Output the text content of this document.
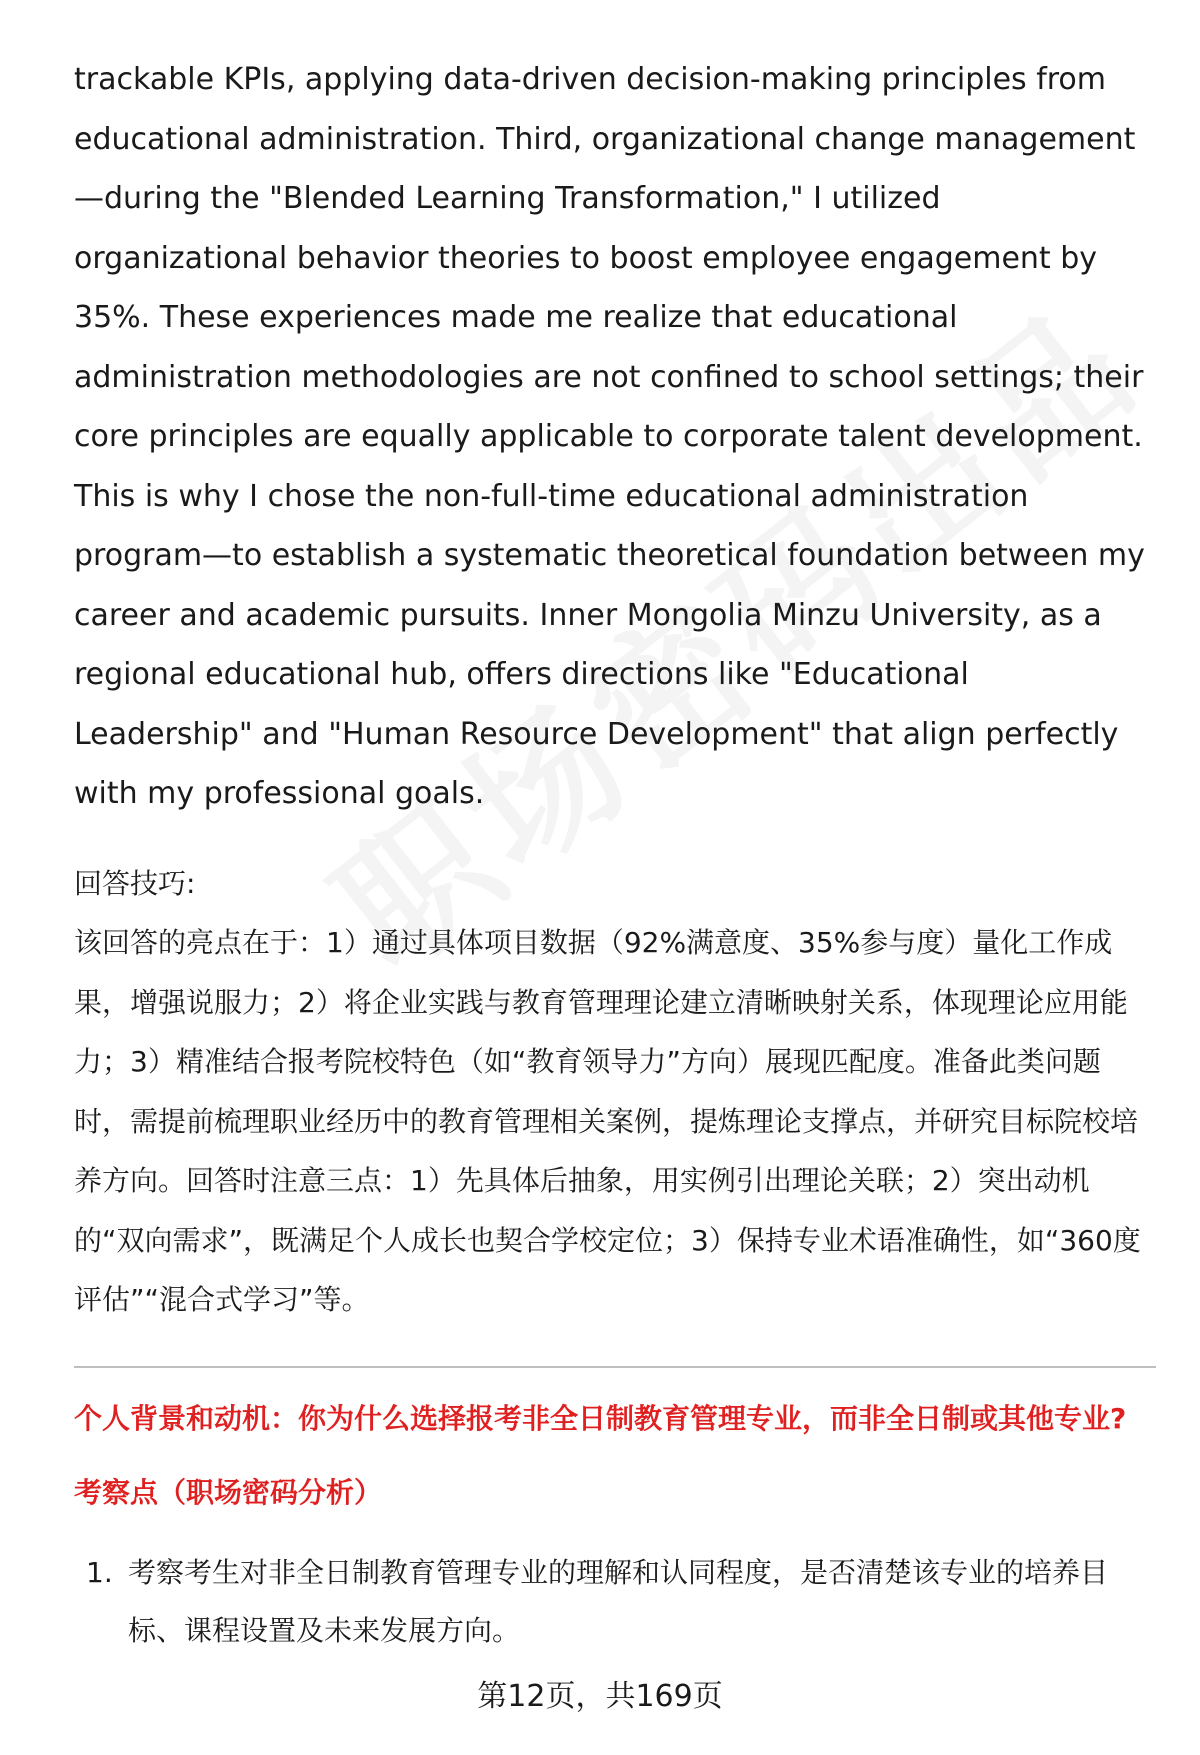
trackable KPIs, applying data-driven decision-making principles from educational administration. Third, organizational change management—during the "Blended Learning Transformation," I utilized organizational behavior theories to boost employee engagement by 35%. These experiences made me realize that educational administration methodologies are not confined to school settings; their core principles are equally applicable to corporate talent development. This is why I chose the non-full-time educational administration program—to establish a systematic theoretical foundation between my career and academic pursuits. Inner Mongolia Minzu University, as a regional educational hub, offers directions like "Educational Leadership" and "Human Resource Development" that align perfectly with my professional goals.

回答技巧:

该回答的亮点在于：1）通过具体项目数据（92%满意度、35%参与度）量化工作成果，增强说服力；2）将企业实践与教育管理理论建立清晰映射关系，体现理论应用能力；3）精准结合报考院校特色（如“教育领导力”方向）展现匹配度。准备此类问题时，需提前梳理职业经历中的教育管理相关案例，提炼理论支撑点，并研究目标院校培养方向。回答时注意三点：1）先具体后抽象，用实例引出理论关联；2）突出动机的“双向需求”，既满足个人成长也契合学校定位；3）保持专业术语准确性，如“360度评估”“混合式学习”等。

个人背景和动机：你为什么选择报考非全日制教育管理专业，而非全日制或其他专业?

考察点（职场密码分析）

1. 考察考生对非全日制教育管理专业的理解和认同程度，是否清楚该专业的培养目标、课程设置及未来发展方向。
第12页，共169页
